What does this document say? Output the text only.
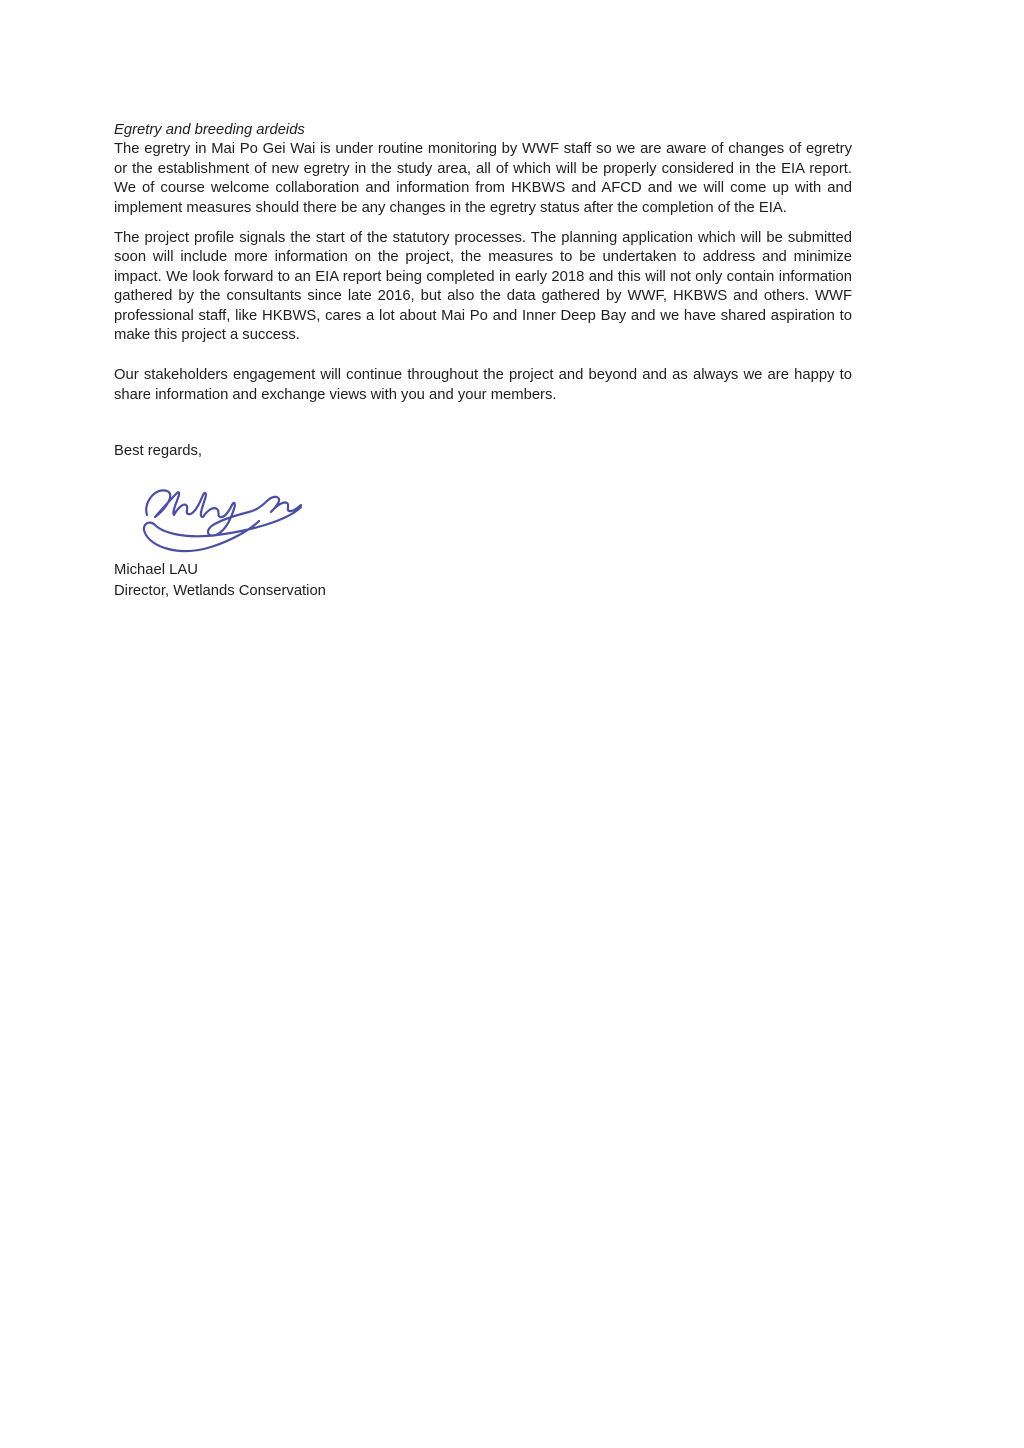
Egretry and breeding ardeids

The egretry in Mai Po Gei Wai is under routine monitoring by WWF staff so we are aware of changes of egretry or the establishment of new egretry in the study area, all of which will be properly considered in the EIA report. We of course welcome collaboration and information from HKBWS and AFCD and we will come up with and implement measures should there be any changes in the egretry status after the completion of the EIA.

The project profile signals the start of the statutory processes. The planning application which will be submitted soon will include more information on the project, the measures to be undertaken to address and minimize impact. We look forward to an EIA report being completed in early 2018 and this will not only contain information gathered by the consultants since late 2016, but also the data gathered by WWF, HKBWS and others. WWF professional staff, like HKBWS, cares a lot about Mai Po and Inner Deep Bay and we have shared aspiration to make this project a success.

Our stakeholders engagement will continue throughout the project and beyond and as always we are happy to share information and exchange views with you and your members.

Best regards,
Michael LAU
Director, Wetlands Conservation
